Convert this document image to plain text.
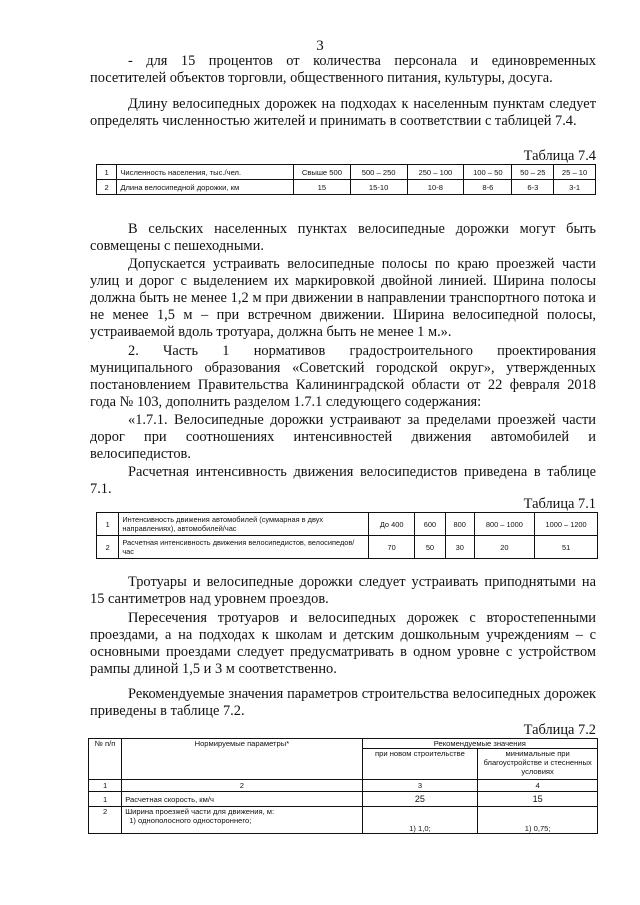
3

- для 15 процентов от количества персонала и единовременных посетителей объектов торговли, общественного питания, культуры, досуга.

Длину велосипедных дорожек на подходах к населенным пунктам следует определять численностью жителей и принимать в соответствии с таблицей 7.4.

Таблица 7.4
1	Численность населения, тыс./чел.	Свыше 500	500 – 250	250 – 100	100 – 50	50 – 25	25 – 10
2	Длина велосипедной дорожки, км	15	15-10	10-8	8-6	6-3	3-1

В сельских населенных пунктах велосипедные дорожки могут быть совмещены с пешеходными.

Допускается устраивать велосипедные полосы по краю проезжей части улиц и дорог с выделением их маркировкой двойной линией. Ширина полосы должна быть не менее 1,2 м при движении в направлении транспортного потока и не менее 1,5 м – при встречном движении. Ширина велосипедной полосы, устраиваемой вдоль тротуара, должна быть не менее 1 м.».

2. Часть 1 нормативов градостроительного проектирования муниципального образования «Советский городской округ», утвержденных постановлением Правительства Калининградской области от 22 февраля 2018 года № 103, дополнить разделом 1.7.1 следующего содержания:

«1.7.1. Велосипедные дорожки устраивают за пределами проезжей части дорог при соотношениях интенсивностей движения автомобилей и велосипедистов.

Расчетная интенсивность движения велосипедистов приведена в таблице 7.1.

Таблица 7.1
1	Интенсивность движения автомобилей (суммарная в двух направлениях), автомобилей/час	До 400	600	800	800 – 1000	1000 – 1200
2	Расчетная интенсивность движения велосипедистов, велосипедов/час	70	50	30	20	51

Тротуары и велосипедные дорожки следует устраивать приподнятыми на 15 сантиметров над уровнем проездов.

Пересечения тротуаров и велосипедных дорожек с второстепенными проездами, а на подходах к школам и детским дошкольным учреждениям – с основными проездами следует предусматривать в одном уровне с устройством рампы длиной 1,5 и 3 м соответственно.

Рекомендуемые значения параметров строительства велосипедных дорожек приведены в таблице 7.2.

Таблица 7.2
№ п/п	Нормируемые параметры*	Рекомендуемые значения	
		при новом строительстве	минимальные при благоустройстве и стесненных условиях
1	2	3	4
1	Расчетная скорость, км/ч	25	15
2	Ширина проезжей части для движения, м:
1) однополосного одностороннего;	1) 1,0;	1) 0,75;
